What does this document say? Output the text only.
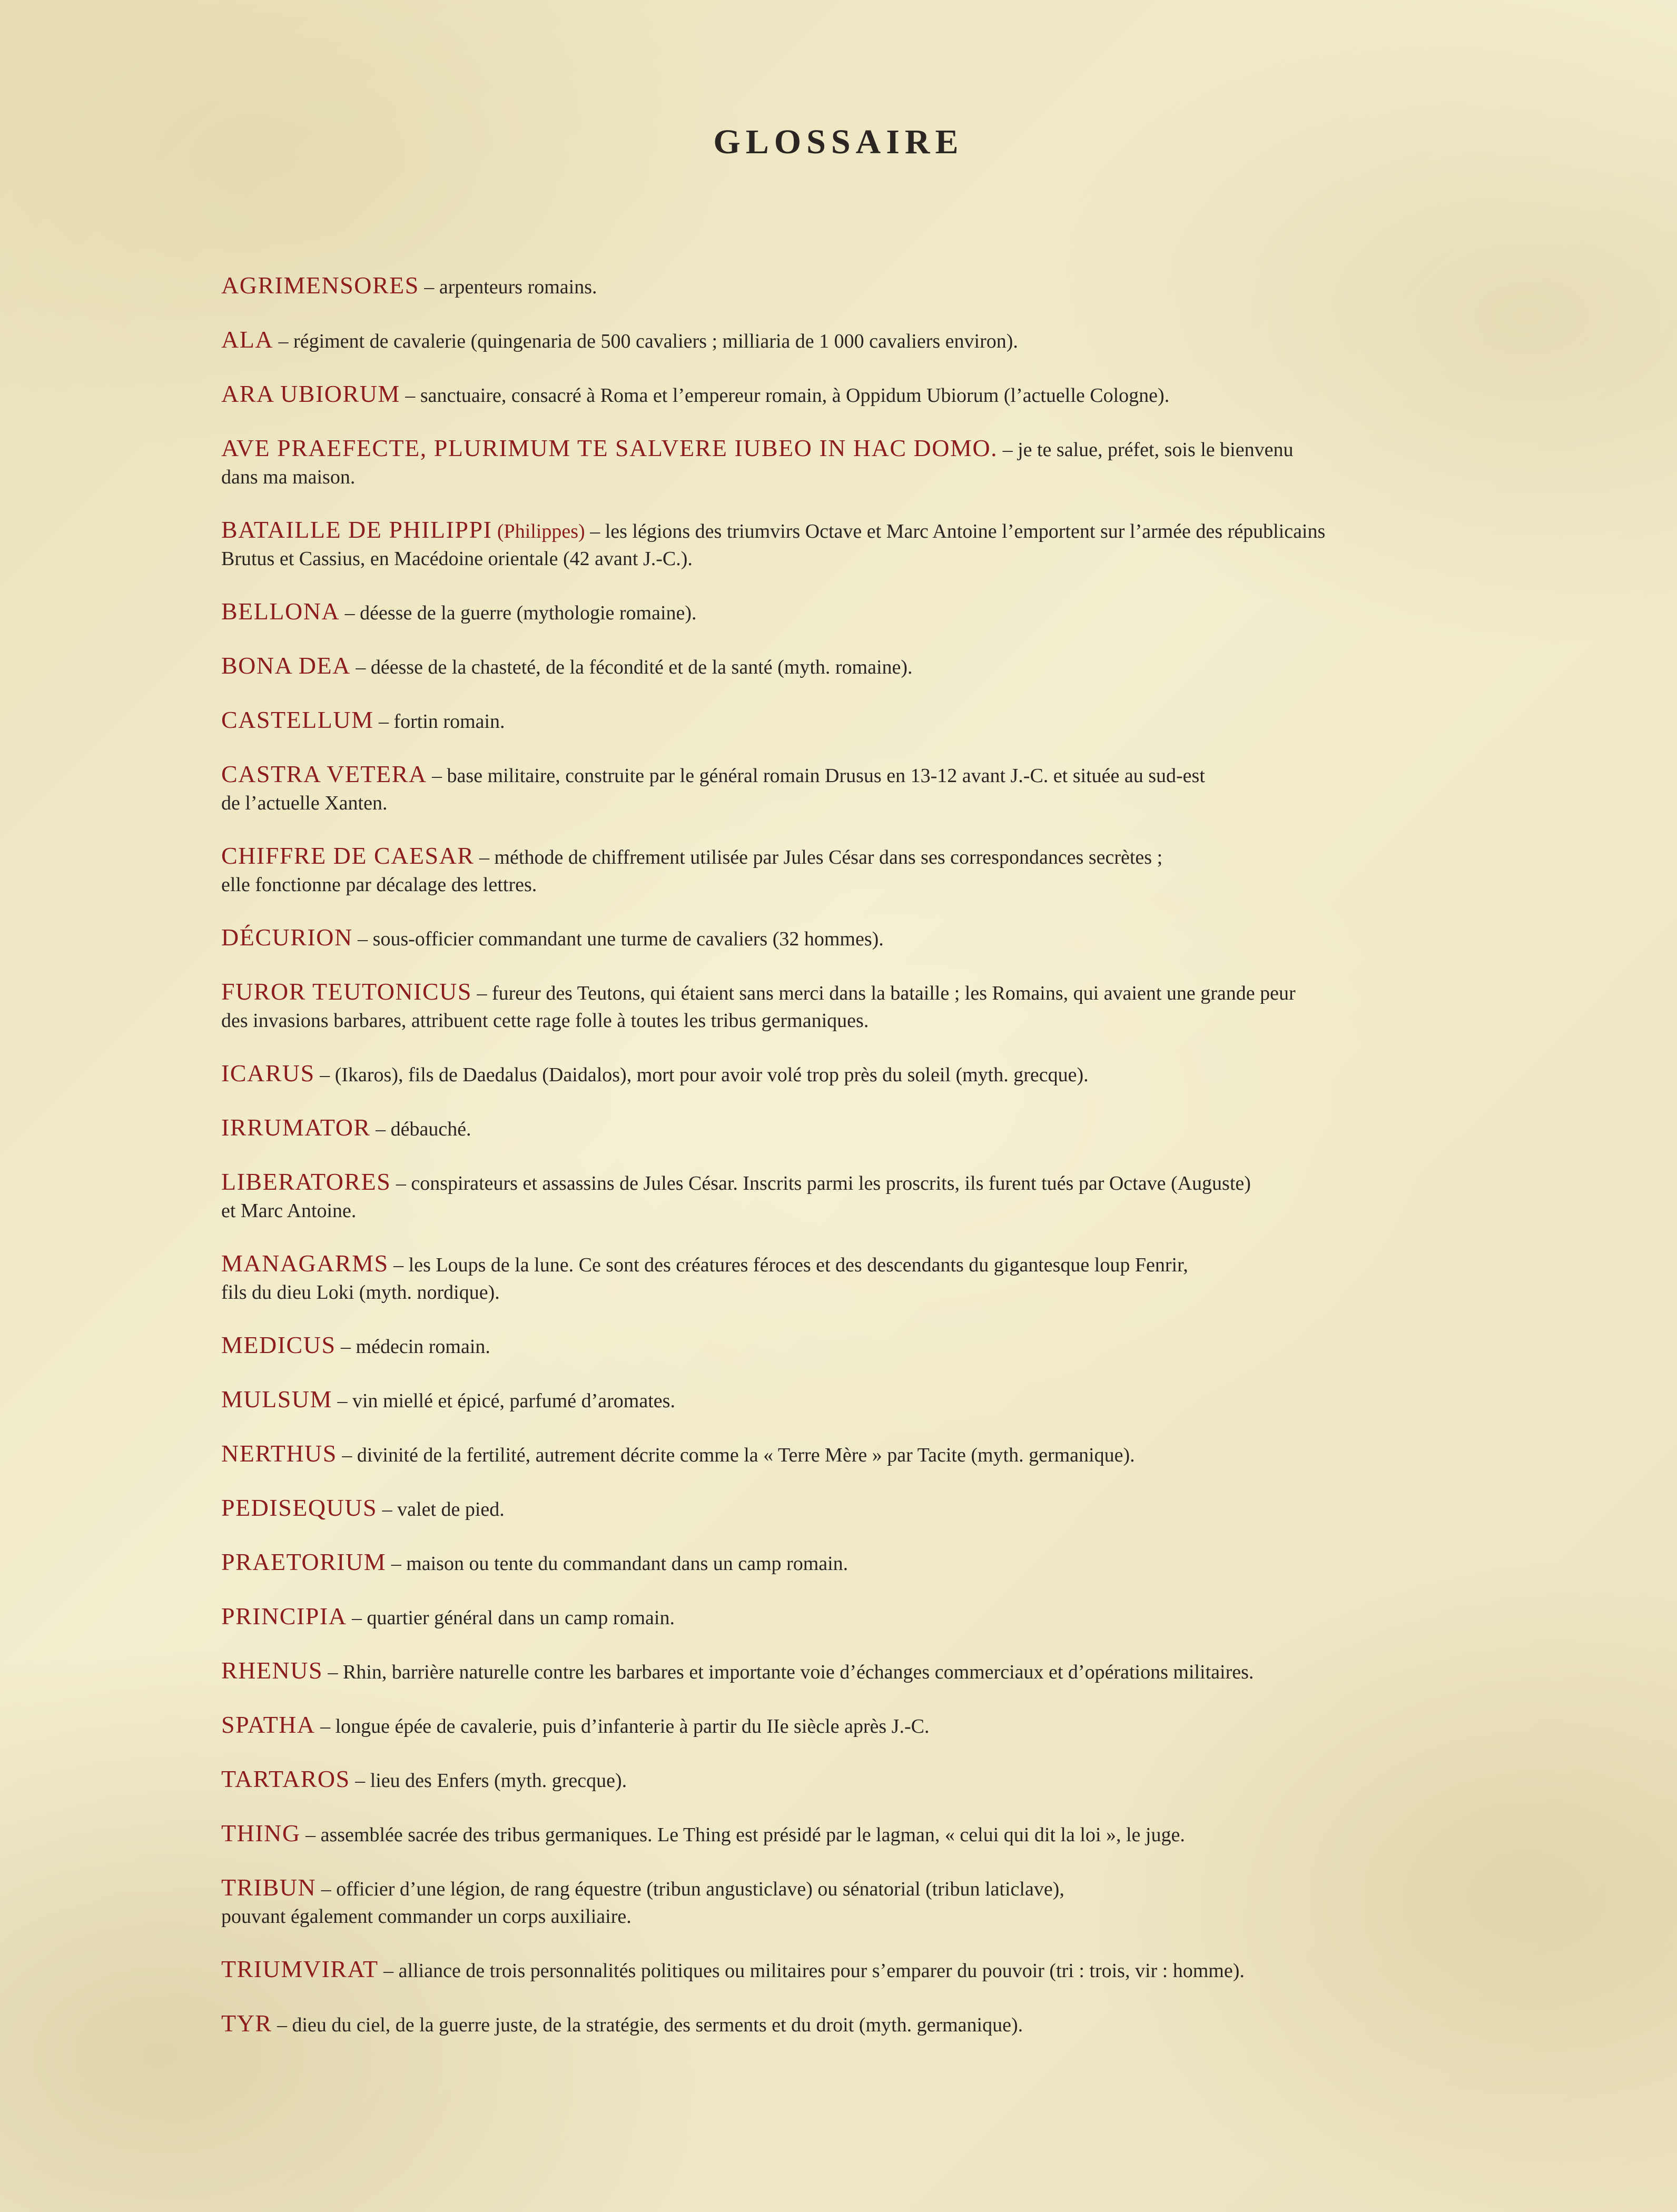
GLOSSAIRE
AGRIMENSORES – arpenteurs romains.
ALA – régiment de cavalerie (quingenaria de 500 cavaliers ; milliaria de 1 000 cavaliers environ).
ARA UBIORUM – sanctuaire, consacré à Roma et l’empereur romain, à Oppidum Ubiorum (l’actuelle Cologne).
AVE PRAEFECTE, PLURIMUM TE SALVERE IUBEO IN HAC DOMO. – je te salue, préfet, sois le bienvenu
dans ma maison.
BATAILLE DE PHILIPPI (Philippes) – les légions des triumvirs Octave et Marc Antoine l’emportent sur l’armée des républicains
Brutus et Cassius, en Macédoine orientale (42 avant J.-C.).
BELLONA – déesse de la guerre (mythologie romaine).
BONA DEA – déesse de la chasteté, de la fécondité et de la santé (myth. romaine).
CASTELLUM – fortin romain.
CASTRA VETERA – base militaire, construite par le général romain Drusus en 13-12 avant J.-C. et située au sud-est
de l’actuelle Xanten.
CHIFFRE DE CAESAR – méthode de chiffrement utilisée par Jules César dans ses correspondances secrètes ;
elle fonctionne par décalage des lettres.
DÉCURION – sous-officier commandant une turme de cavaliers (32 hommes).
FUROR TEUTONICUS – fureur des Teutons, qui étaient sans merci dans la bataille ; les Romains, qui avaient une grande peur
des invasions barbares, attribuent cette rage folle à toutes les tribus germaniques.
ICARUS – (Ikaros), fils de Daedalus (Daidalos), mort pour avoir volé trop près du soleil (myth. grecque).
IRRUMATOR – débauché.
LIBERATORES – conspirateurs et assassins de Jules César. Inscrits parmi les proscrits, ils furent tués par Octave (Auguste)
et Marc Antoine.
MANAGARMS – les Loups de la lune. Ce sont des créatures féroces et des descendants du gigantesque loup Fenrir,
fils du dieu Loki (myth. nordique).
MEDICUS – médecin romain.
MULSUM – vin miellé et épicé, parfumé d’aromates.
NERTHUS – divinité de la fertilité, autrement décrite comme la « Terre Mère » par Tacite (myth. germanique).
PEDISEQUUS – valet de pied.
PRAETORIUM – maison ou tente du commandant dans un camp romain.
PRINCIPIA – quartier général dans un camp romain.
RHENUS – Rhin, barrière naturelle contre les barbares et importante voie d’échanges commerciaux et d’opérations militaires.
SPATHA – longue épée de cavalerie, puis d’infanterie à partir du IIe siècle après J.-C.
TARTAROS – lieu des Enfers (myth. grecque).
THING – assemblée sacrée des tribus germaniques. Le Thing est présidé par le lagman, « celui qui dit la loi », le juge.
TRIBUN – officier d’une légion, de rang équestre (tribun angusticlave) ou sénatorial (tribun laticlave),
pouvant également commander un corps auxiliaire.
TRIUMVIRAT – alliance de trois personnalités politiques ou militaires pour s’emparer du pouvoir (tri : trois, vir : homme).
TYR – dieu du ciel, de la guerre juste, de la stratégie, des serments et du droit (myth. germanique).
